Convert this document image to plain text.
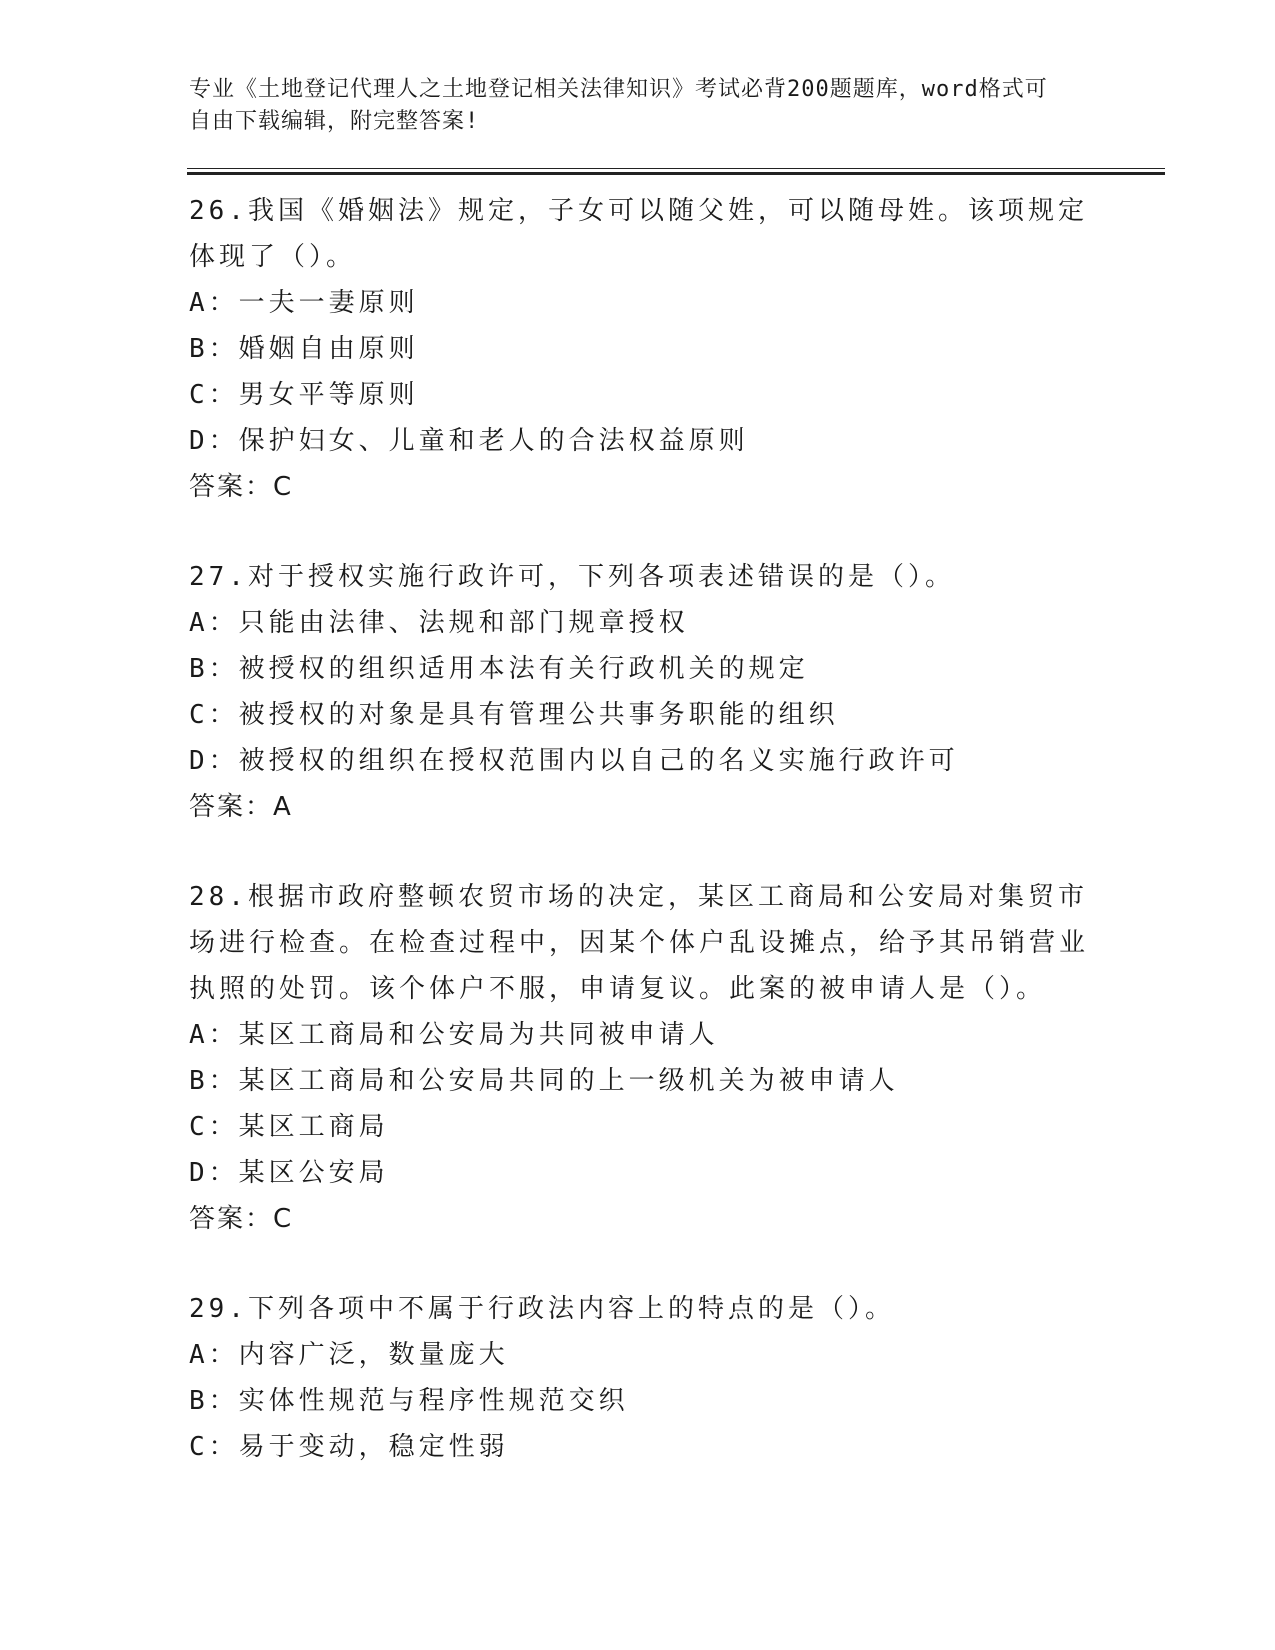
专业《土地登记代理人之土地登记相关法律知识》考试必背200题题库，word格式可自由下载编辑，附完整答案!
26.我国《婚姻法》规定，子女可以随父姓，可以随母姓。该项规定体现了（）。
A：一夫一妻原则
B：婚姻自由原则
C：男女平等原则
D：保护妇女、儿童和老人的合法权益原则
答案：C
27.对于授权实施行政许可，下列各项表述错误的是（）。
A：只能由法律、法规和部门规章授权
B：被授权的组织适用本法有关行政机关的规定
C：被授权的对象是具有管理公共事务职能的组织
D：被授权的组织在授权范围内以自己的名义实施行政许可
答案：A
28.根据市政府整顿农贸市场的决定，某区工商局和公安局对集贸市场进行检查。在检查过程中，因某个体户乱设摊点，给予其吊销营业执照的处罚。该个体户不服，申请复议。此案的被申请人是（）。
A：某区工商局和公安局为共同被申请人
B：某区工商局和公安局共同的上一级机关为被申请人
C：某区工商局
D：某区公安局
答案：C
29.下列各项中不属于行政法内容上的特点的是（）。
A：内容广泛，数量庞大
B：实体性规范与程序性规范交织
C：易于变动，稳定性弱
